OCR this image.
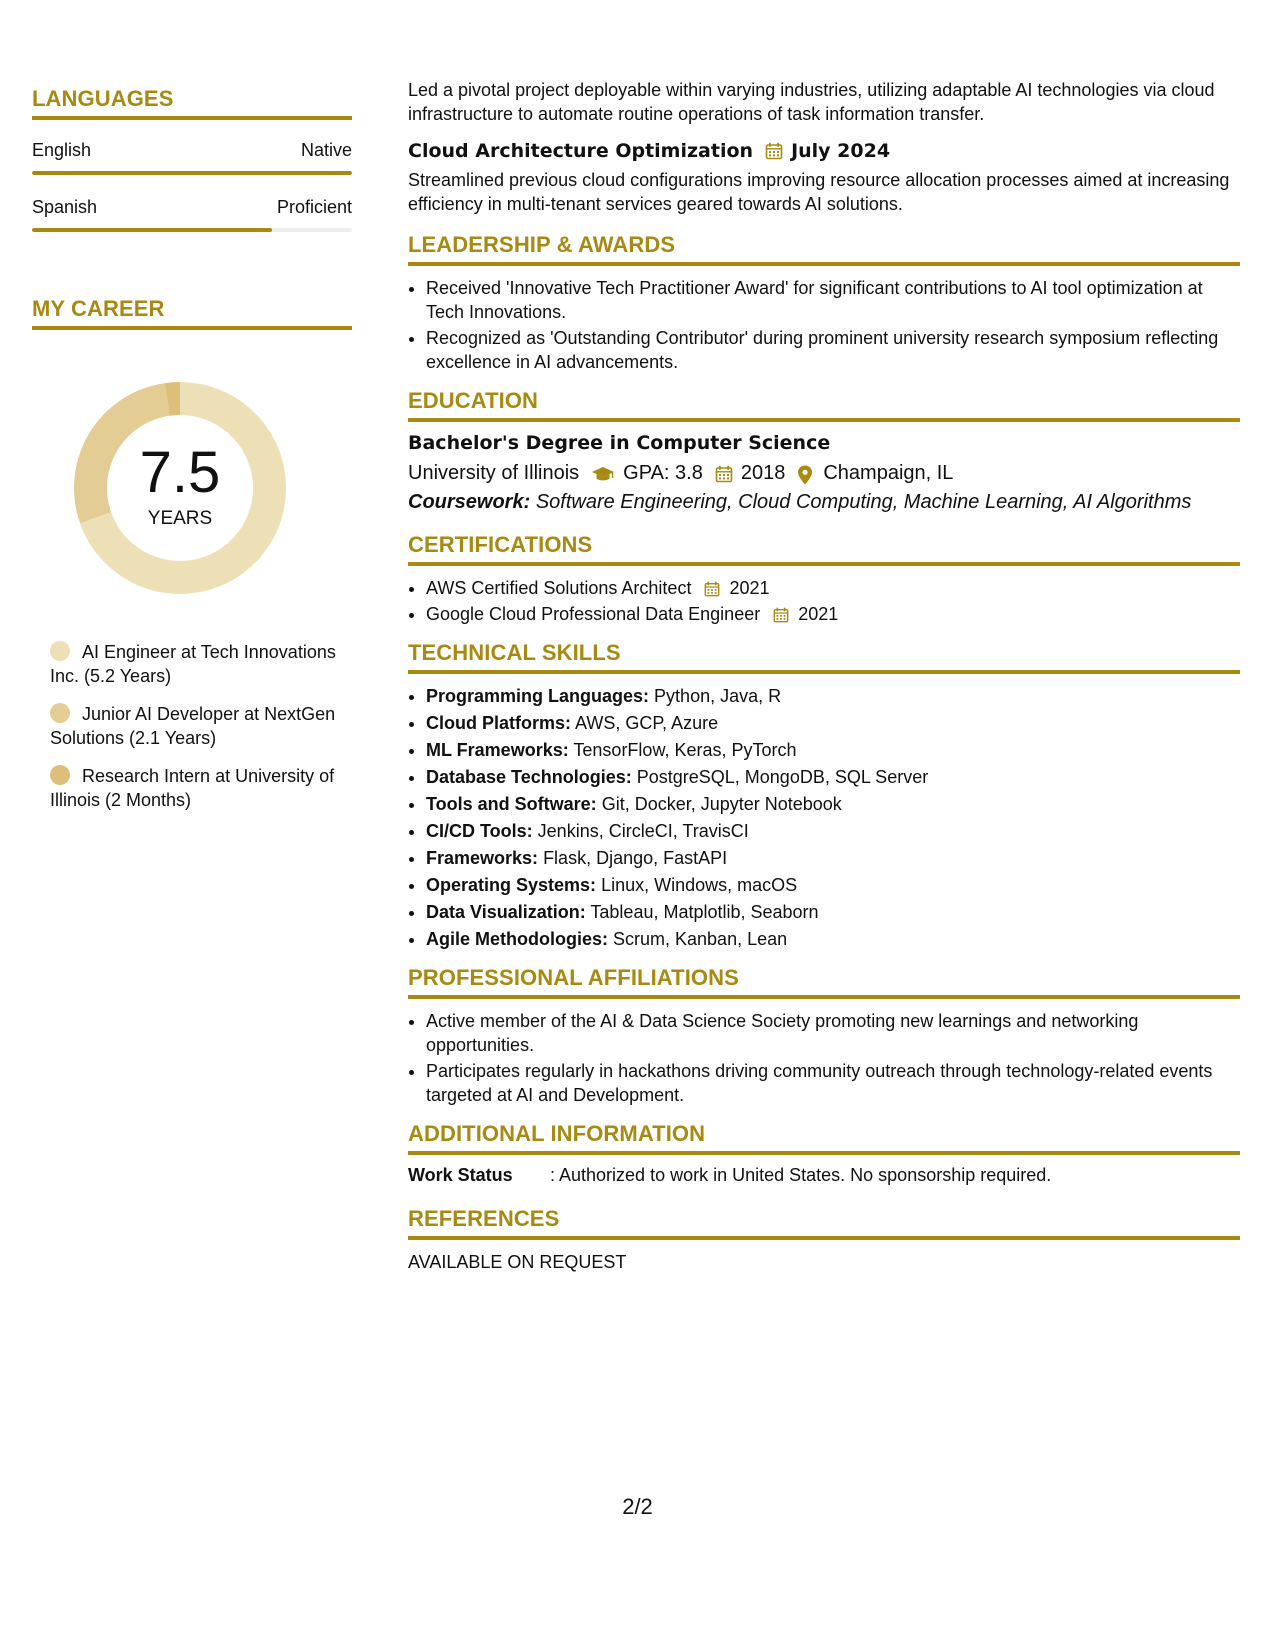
LANGUAGES
English	Native
Spanish	Proficient
MY CAREER
7.5
YEARS
AI Engineer at Tech Innovations Inc. (5.2 Years)
Junior AI Developer at NextGen Solutions (2.1 Years)
Research Intern at University of Illinois (2 Months)

Led a pivotal project deployable within varying industries, utilizing adaptable AI technologies via cloud infrastructure to automate routine operations of task information transfer.

Cloud Architecture Optimization July 2024

Streamlined previous cloud configurations improving resource allocation processes aimed at increasing efficiency in multi-tenant services geared towards AI solutions.

LEADERSHIP & AWARDS
• Received 'Innovative Tech Practitioner Award' for significant contributions to AI tool optimization at Tech Innovations.
• Recognized as 'Outstanding Contributor' during prominent university research symposium reflecting excellence in AI advancements.
EDUCATION
Bachelor's Degree in Computer Science
University of Illinois GPA: 3.8 2018 Champaign, IL
Coursework: Software Engineering, Cloud Computing, Machine Learning, AI Algorithms
CERTIFICATIONS
• AWS Certified Solutions Architect 2021
• Google Cloud Professional Data Engineer 2021
TECHNICAL SKILLS
• Programming Languages: Python, Java, R
• Cloud Platforms: AWS, GCP, Azure
• ML Frameworks: TensorFlow, Keras, PyTorch
• Database Technologies: PostgreSQL, MongoDB, SQL Server
• Tools and Software: Git, Docker, Jupyter Notebook
• CI/CD Tools: Jenkins, CircleCI, TravisCI
• Frameworks: Flask, Django, FastAPI
• Operating Systems: Linux, Windows, macOS
• Data Visualization: Tableau, Matplotlib, Seaborn
• Agile Methodologies: Scrum, Kanban, Lean
PROFESSIONAL AFFILIATIONS
• Active member of the AI & Data Science Society promoting new learnings and networking opportunities.
• Participates regularly in hackathons driving community outreach through technology-related events targeted at AI and Development.
ADDITIONAL INFORMATION
Work Status	: Authorized to work in United States. No sponsorship required.
REFERENCES

AVAILABLE ON REQUEST

2/2
